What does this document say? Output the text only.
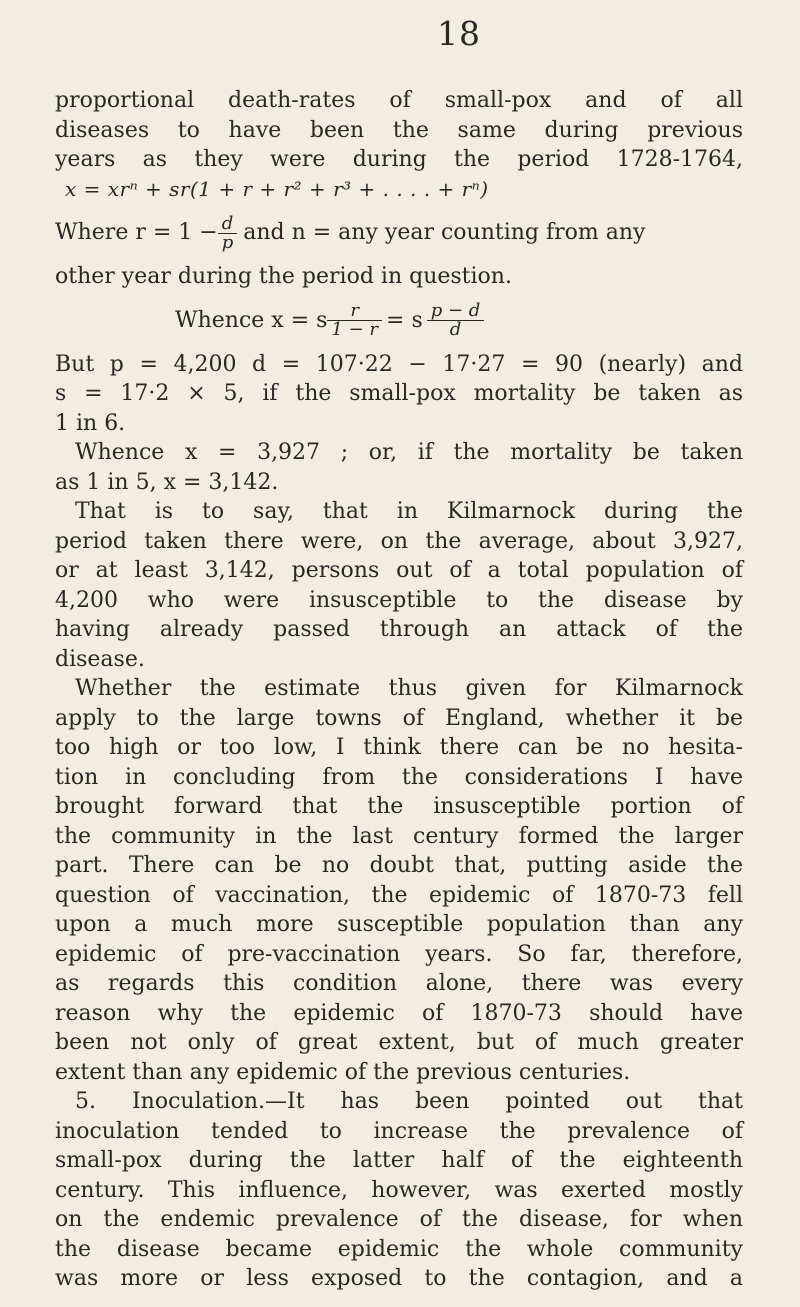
18
proportional death-rates of small-pox and of all
diseases to have been the same during previous
years as they were during the period 1728-1764,
x = xrⁿ + sr(1 + r + r² + r³ + . . . . + rⁿ)
Where $r = 1 - \frac{d}{p}$ and n = any year counting from any
other year during the period in question.
Whence x = s $\frac{r}{1 - r} = s \frac{p - d}{d}$
But p = 4,200 d = 107·22 − 17·27 = 90 (nearly) and
s = 17·2 × 5, if the small-pox mortality be taken as
1 in 6.
Whence x = 3,927 ; or, if the mortality be taken
as 1 in 5, x = 3,142.
That is to say, that in Kilmarnock during the
period taken there were, on the average, about 3,927,
or at least 3,142, persons out of a total population of
4,200 who were insusceptible to the disease by
having already passed through an attack of the
disease.
Whether the estimate thus given for Kilmarnock
apply to the large towns of England, whether it be
too high or too low, I think there can be no hesita-
tion in concluding from the considerations I have
brought forward that the insusceptible portion of
the community in the last century formed the larger
part. There can be no doubt that, putting aside the
question of vaccination, the epidemic of 1870-73 fell
upon a much more susceptible population than any
epidemic of pre-vaccination years. So far, therefore,
as regards this condition alone, there was every
reason why the epidemic of 1870-73 should have
been not only of great extent, but of much greater
extent than any epidemic of the previous centuries.
5. Inoculation.—It has been pointed out that
inoculation tended to increase the prevalence of
small-pox during the latter half of the eighteenth
century. This influence, however, was exerted mostly
on the endemic prevalence of the disease, for when
the disease became epidemic the whole community
was more or less exposed to the contagion, and a
